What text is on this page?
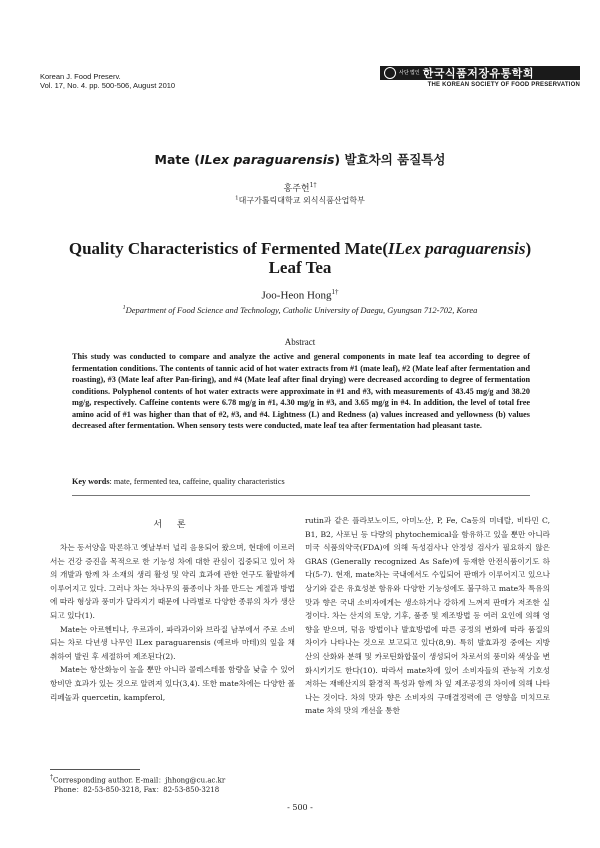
Korean J. Food Preserv.
Vol. 17, No. 4. pp. 500-506, August 2010
사단 법인 한국식품저장유통학회
THE KOREAN SOCIETY OF FOOD PRESERVATION
Mate (ILex paraguarensis) 발효차의 품질특성
홍주헌$^{1\dagger}$
$^1$대구가톨릭대학교 외식식품산업학부
Quality Characteristics of Fermented Mate(ILex paraguarensis)
Leaf Tea
Joo-Heon Hong$^{1\dagger}$
$^1$Department of Food Science and Technology, Catholic University of Daegu, Gyungsan 712-702, Korea
Abstract
This study was conducted to compare and analyze the active and general components in mate leaf tea according to degree of fermentation conditions. The contents of tannic acid of hot water extracts from #1 (mate leaf), #2 (Mate leaf after fermentation and roasting), #3 (Mate leaf after Pan-firing), and #4 (Mate leaf after final drying) were decreased according to degree of fermentation conditions. Polyphenol contents of hot water extracts were approximate in #1 and #3, with measurements of 43.45 mg/g and 38.20 mg/g, respectively. Caffeine contents were 6.78 mg/g in #1, 4.30 mg/g in #3, and 3.65 mg/g in #4. In addition, the level of total free amino acid of #1 was higher than that of #2, #3, and #4. Lightness (L) and Redness (a) values increased and yellowness (b) values decreased after fermentation. When sensory tests were conducted, mate leaf tea after fermentation had pleasant taste.
Key words: mate, fermented tea, caffeine, quality characteristics
서 론

차는 동서양을 막론하고 옛날부터 널리 음용되어 왔으며, 현대에 이르러서는 건강 증진을 목적으로 한 기능성 차에 대한 관심이 집중되고 있어 차의 개발과 함께 차 소재의 생리 활성 및 약리 효과에 관한 연구도 활발하게 이루어지고 있다. 그러나 차는 차나무의 품종이나 차를 만드는 계절과 방법에 따라 형상과 풍미가 달라지기 때문에 나라별로 다양한 종류의 차가 생산되고 있다(1).

Mate는 아르헨티나, 우르과이, 파라과이와 브라질 남부에서 주로 소비되는 차로 다년생 나무인 ILex paraguarensis (예르바 마테)의 잎을 채취하여 발린 후 세절하여 제조된다(2).

Mate는 항산화능이 높을 뿐만 아니라 콜레스테롤 함량을 낮출 수 있어 항비만 효과가 있는 것으로 알려져 있다(3,4). 또한 mate차에는 다양한 폴리페놀과 quercetin, kampferol,

rutin과 같은 플라보노이드, 아미노산, P, Fe, Ca등의 미네랄, 비타민 C, B1, B2, 사포닌 등 다량의 phytochemical을 함유하고 있을 뿐만 아니라 미국 식품의약국(FDA)에 의해 독성검사나 안정성 검사가 필요하지 않은 GRAS (Generally recognized As Safe)에 등재한 안전식품이기도 하다(5-7). 현재, mate차는 국내에서도 수입되어 판매가 이루어지고 있으나 상기와 같은 유효성분 함유와 다양한 기능성에도 불구하고 mate차 특유의 맛과 향은 국내 소비자에게는 생소하거나 강하게 느껴져 판매가 저조한 실정이다. 차는 산지의 토양, 기후, 품종 및 제조방법 등 여러 요인에 의해 영향을 받으며, 덖음 방법이나 발효방법에 따른 공정의 변화에 따라 품질의 차이가 나타나는 것으로 보고되고 있다(8,9). 특히 발효과정 중에는 지방산의 산화와 분해 및 카로틴화합물이 생성되어 차로서의 풍미와 색상을 변화시키기도 한다(10). 따라서 mate차에 있어 소비자들의 관능적 기호성 저하는 재배산지의 환경적 특성과 함께 차 잎 제조공정의 차이에 의해 나타나는 것이다. 차의 맛과 향은 소비자의 구매결정력에 큰 영향을 미치므로 mate 차의 맛의 개선을 통한

†Corresponding author. E-mail：jhhong@cu.ac.kr
Phone：82-53-850-3218, Fax：82-53-850-3218
- 500 -
